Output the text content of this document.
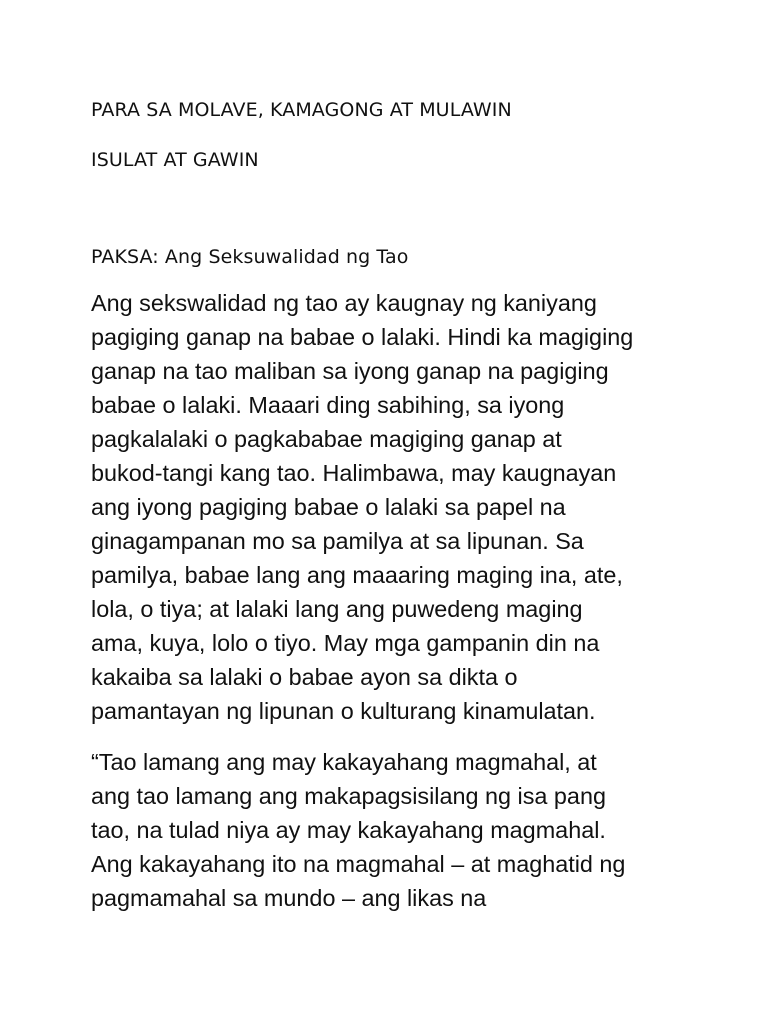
PARA SA MOLAVE, KAMAGONG AT MULAWIN
ISULAT AT GAWIN
PAKSA: Ang Seksuwalidad ng Tao

Ang sekswalidad ng tao ay kaugnay ng kaniyang
pagiging ganap na babae o lalaki. Hindi ka magiging
ganap na tao maliban sa iyong ganap na pagiging
babae o lalaki. Maaari ding sabihing, sa iyong
pagkalalaki o pagkababae magiging ganap at
bukod-tangi kang tao. Halimbawa, may kaugnayan
ang iyong pagiging babae o lalaki sa papel na
ginagampanan mo sa pamilya at sa lipunan. Sa
pamilya, babae lang ang maaaring maging ina, ate,
lola, o tiya; at lalaki lang ang puwedeng maging
ama, kuya, lolo o tiyo. May mga gampanin din na
kakaiba sa lalaki o babae ayon sa dikta o
pamantayan ng lipunan o kulturang kinamulatan.

“Tao lamang ang may kakayahang magmahal, at
ang tao lamang ang makapagsisilang ng isa pang
tao, na tulad niya ay may kakayahang magmahal.
Ang kakayahang ito na magmahal – at maghatid ng
pagmamahal sa mundo – ang likas na
